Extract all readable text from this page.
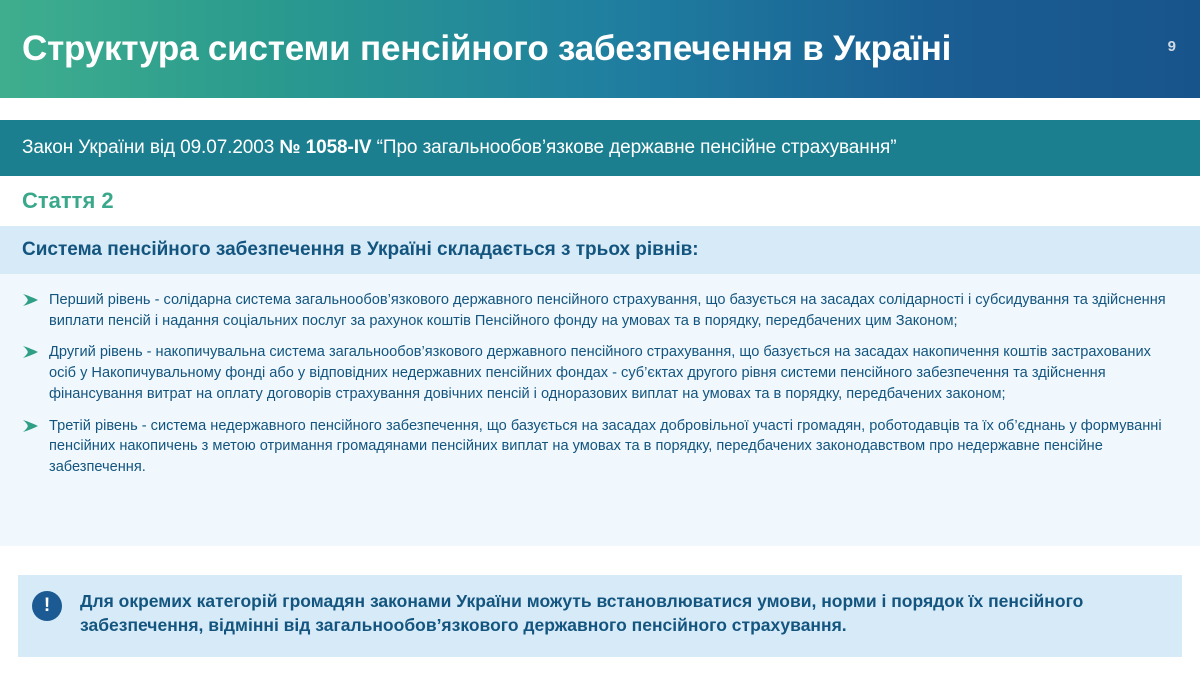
Структура системи пенсійного забезпечення в Україні	9
Закон України від 09.07.2003 № 1058-IV “Про загальнообов’язкове державне пенсійне страхування”
Стаття 2
Система пенсійного забезпечення в Україні складається з трьох рівнів:
Перший рівень - солідарна система загальнообов’язкового державного пенсійного страхування, що базується на засадах солідарності і субсидування та здійснення виплати пенсій і надання соціальних послуг за рахунок коштів Пенсійного фонду на умовах та в порядку, передбачених цим Законом;
Другий рівень - накопичувальна система загальнообов’язкового державного пенсійного страхування, що базується на засадах накопичення коштів застрахованих осіб у Накопичувальному фонді або у відповідних недержавних пенсійних фондах - суб’єктах другого рівня системи пенсійного забезпечення та здійснення фінансування витрат на оплату договорів страхування довічних пенсій і одноразових виплат на умовах та в порядку, передбачених законом;
Третій рівень - система недержавного пенсійного забезпечення, що базується на засадах добровільної участі громадян, роботодавців та їх об’єднань у формуванні пенсійних накопичень з метою отримання громадянами пенсійних виплат на умовах та в порядку, передбачених законодавством про недержавне пенсійне забезпечення.
!	Для окремих категорій громадян законами України можуть встановлюватися умови, норми і порядок їх пенсійного забезпечення, відмінні від загальнообов’язкового державного пенсійного страхування.
